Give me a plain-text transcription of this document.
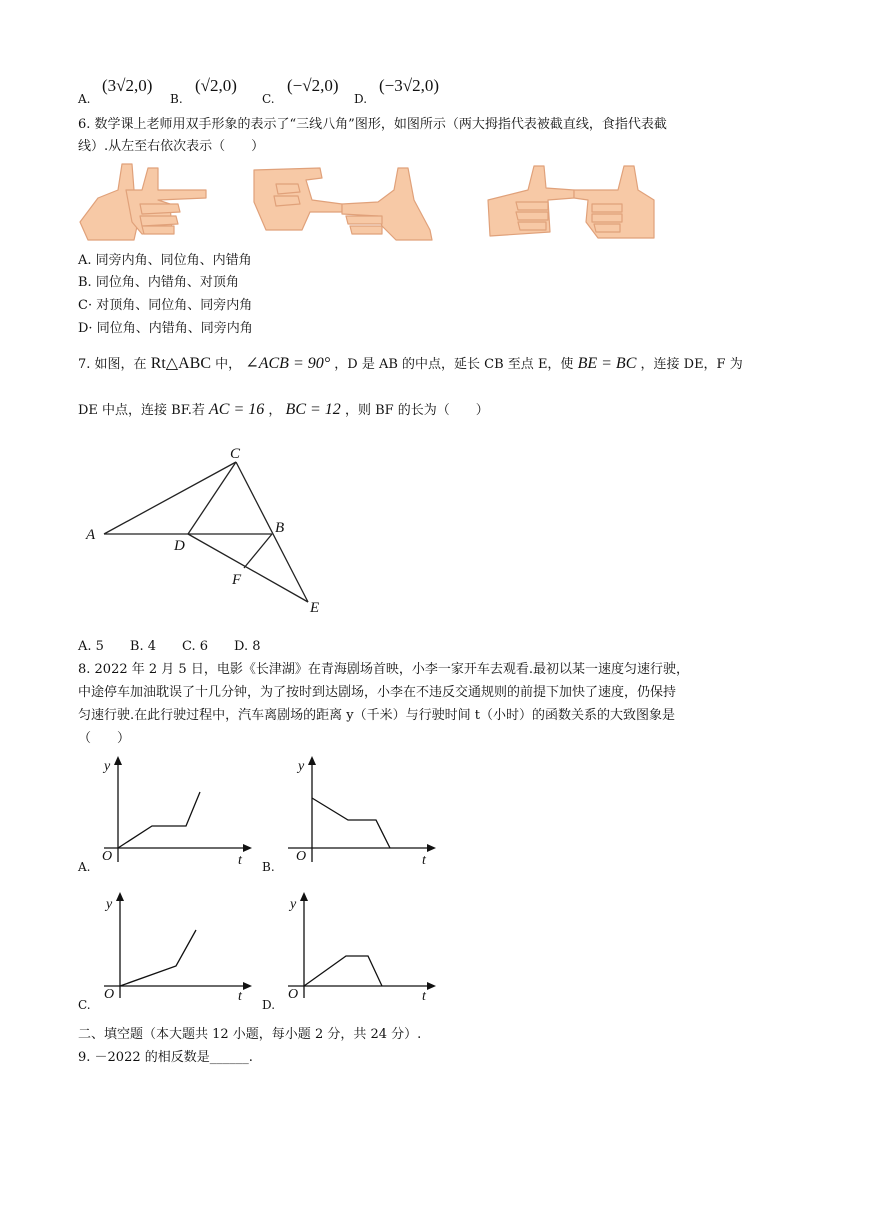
A.
(3√2,0)
B.
(√2,0)
C.
(−√2,0)
D.
(−3√2,0)
6. 数学课上老师用双手形象的表示了“三线八角”图形，如图所示（两大拇指代表被截直线，食指代表截
线）.从左至右依次表示（　　）
A. 同旁内角、同位角、内错角
B. 同位角、内错角、对顶角
C· 对顶角、同位角、同旁内角
D· 同位角、内错角、同旁内角
7. 如图，在 Rt△ABC 中， ∠ACB = 90° ，D 是 AB 的中点，延长 CB 至点 E，使 BE = BC ，连接 DE，F 为
DE 中点，连接 BF.若 AC = 16 ， BC = 12 ，则 BF 的长为（　　）
C
A
D
B
F
E
A. 5　　B. 4　　C. 6　　D. 8
8. 2022 年 2 月 5 日，电影《长津湖》在青海剧场首映，小李一家开车去观看.最初以某一速度匀速行驶，
中途停车加油耽误了十几分钟，为了按时到达剧场，小李在不违反交通规则的前提下加快了速度，仍保持
匀速行驶.在此行驶过程中，汽车离剧场的距离 y（千米）与行驶时间 t（小时）的函数关系的大致图象是
（　　）
O
y
t
A.
O
y
t
B.
O
y
t
C.
O
y
t
D.
二、填空题（本大题共 12 小题，每小题 2 分，共 24 分）.
9. －2022 的相反数是______.
